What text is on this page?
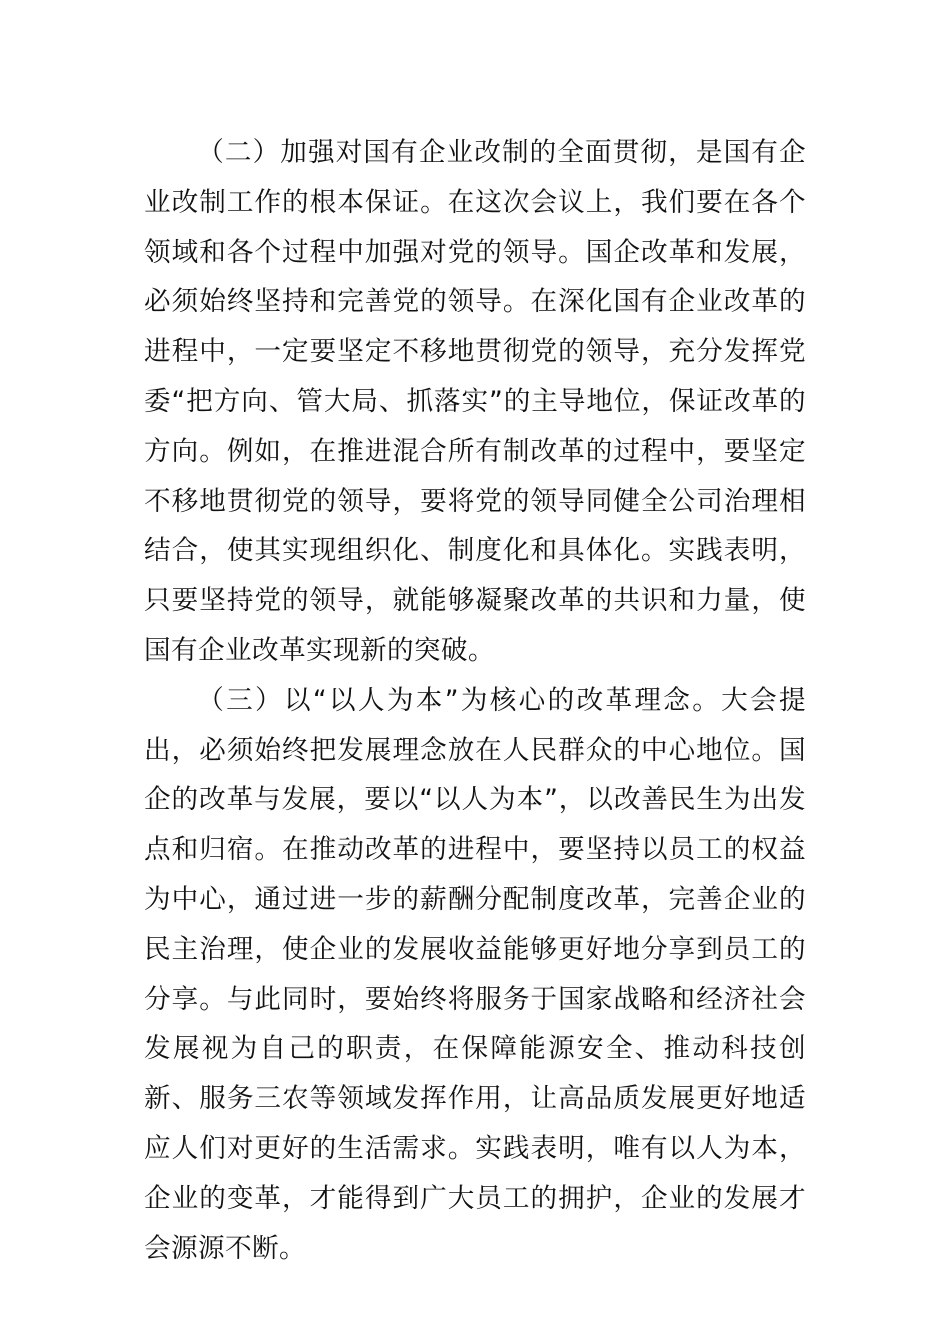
（二）加强对国有企业改制的全面贯彻，是国有企业改制工作的根本保证。在这次会议上，我们要在各个领域和各个过程中加强对党的领导。国企改革和发展，必须始终坚持和完善党的领导。在深化国有企业改革的进程中，一定要坚定不移地贯彻党的领导，充分发挥党委“把方向、管大局、抓落实”的主导地位，保证改革的方向。例如，在推进混合所有制改革的过程中，要坚定不移地贯彻党的领导，要将党的领导同健全公司治理相结合，使其实现组织化、制度化和具体化。实践表明，只要坚持党的领导，就能够凝聚改革的共识和力量，使国有企业改革实现新的突破。

（三）以“以人为本”为核心的改革理念。大会提出，必须始终把发展理念放在人民群众的中心地位。国企的改革与发展，要以“以人为本”，以改善民生为出发点和归宿。在推动改革的进程中，要坚持以员工的权益为中心，通过进一步的薪酬分配制度改革，完善企业的民主治理，使企业的发展收益能够更好地分享到员工的分享。与此同时，要始终将服务于国家战略和经济社会发展视为自己的职责，在保障能源安全、推动科技创新、服务三农等领域发挥作用，让高品质发展更好地适应人们对更好的生活需求。实践表明，唯有以人为本，企业的变革，才能得到广大员工的拥护，企业的发展才会源源不断。
